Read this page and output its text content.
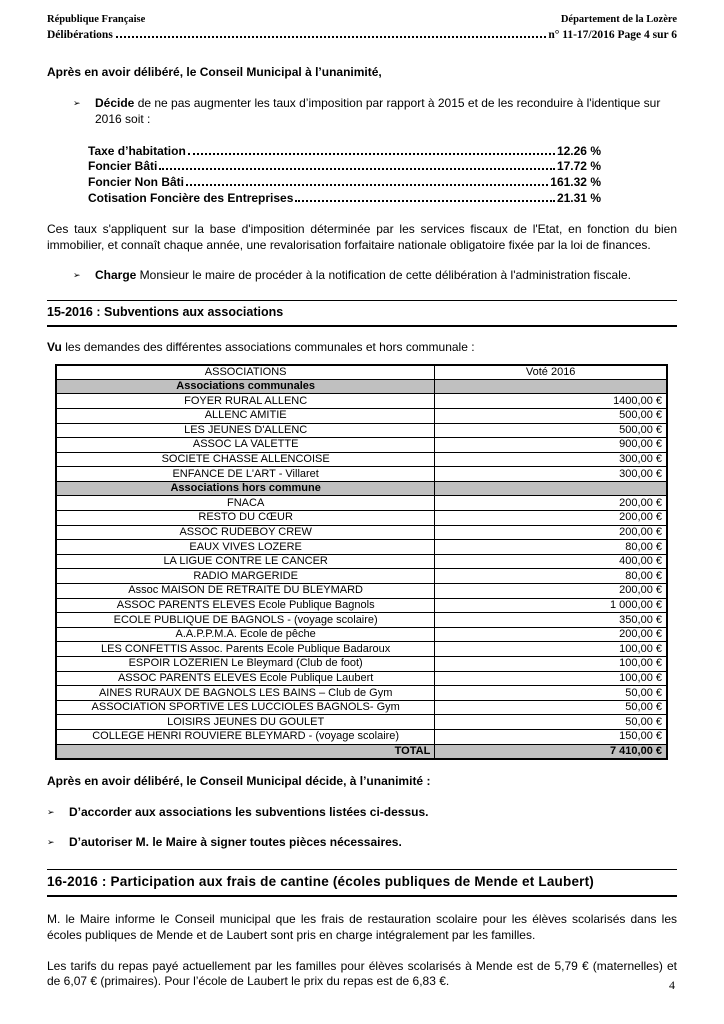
République Française	Département de la Lozère
Délibérations	n° 11-17/2016 Page 4 sur 6

Après en avoir délibéré, le Conseil Municipal à l’unanimité,

➢	Décide de ne pas augmenter les taux d’imposition par rapport à 2015 et de les reconduire à l'identique sur 2016 soit :
Taxe d’habitation	12.26 %
Foncier Bâti	17.72 %
Foncier Non Bâti	161.32 %
Cotisation Foncière des Entreprises	21.31 %

Ces taux s'appliquent sur la base d'imposition déterminée par les services fiscaux de l'Etat, en fonction du bien immobilier, et connaît chaque année, une revalorisation forfaitaire nationale obligatoire fixée par la loi de finances.

➢	Charge Monsieur le maire de procéder à la notification de cette délibération à l'administration fiscale.
15-2016 : Subventions aux associations

Vu les demandes des différentes associations communales et hors communale :

ASSOCIATIONS	Voté 2016
Associations communales	
FOYER RURAL ALLENC	1400,00 €
ALLENC AMITIE	500,00 €
LES JEUNES D'ALLENC	500,00 €
ASSOC LA VALETTE	900,00 €
SOCIETE CHASSE ALLENCOISE	300,00 €
ENFANCE DE L'ART - Villaret	300,00 €
Associations hors commune	
FNACA	200,00 €
RESTO DU CŒUR	200,00 €
ASSOC RUDEBOY CREW	200,00 €
EAUX VIVES LOZERE	80,00 €
LA LIGUE CONTRE LE CANCER	400,00 €
RADIO MARGERIDE	80,00 €
Assoc MAISON DE RETRAITE DU BLEYMARD	200,00 €
ASSOC PARENTS ELEVES Ecole Publique Bagnols	1 000,00 €
ECOLE PUBLIQUE DE BAGNOLS - (voyage scolaire)	350,00 €
A.A.P.P.M.A. Ecole de pêche	200,00 €
LES CONFETTIS Assoc. Parents Ecole Publique Badaroux	100,00 €
ESPOIR LOZERIEN Le Bleymard (Club de foot)	100,00 €
ASSOC PARENTS ELEVES Ecole Publique Laubert	100,00 €
AINES RURAUX DE BAGNOLS LES BAINS – Club de Gym	50,00 €
ASSOCIATION SPORTIVE LES LUCCIOLES BAGNOLS- Gym	50,00 €
LOISIRS JEUNES DU GOULET	50,00 €
COLLEGE HENRI ROUVIERE BLEYMARD - (voyage scolaire)	150,00 €
TOTAL	7 410,00 €

Après en avoir délibéré, le Conseil Municipal décide, à l’unanimité :

➢	D’accorder aux associations les subventions listées ci-dessus.
➢	D’autoriser M. le Maire à signer toutes pièces nécessaires.
16-2016 : Participation aux frais de cantine (écoles publiques de Mende et Laubert)

M. le Maire informe le Conseil municipal que les frais de restauration scolaire pour les élèves scolarisés dans les écoles publiques de Mende et de Laubert sont pris en charge intégralement par les familles.

Les tarifs du repas payé actuellement par les familles pour élèves scolarisés à Mende est de 5,79 € (maternelles) et de 6,07 € (primaires). Pour l’école de Laubert le prix du repas est de 6,83 €.	4
